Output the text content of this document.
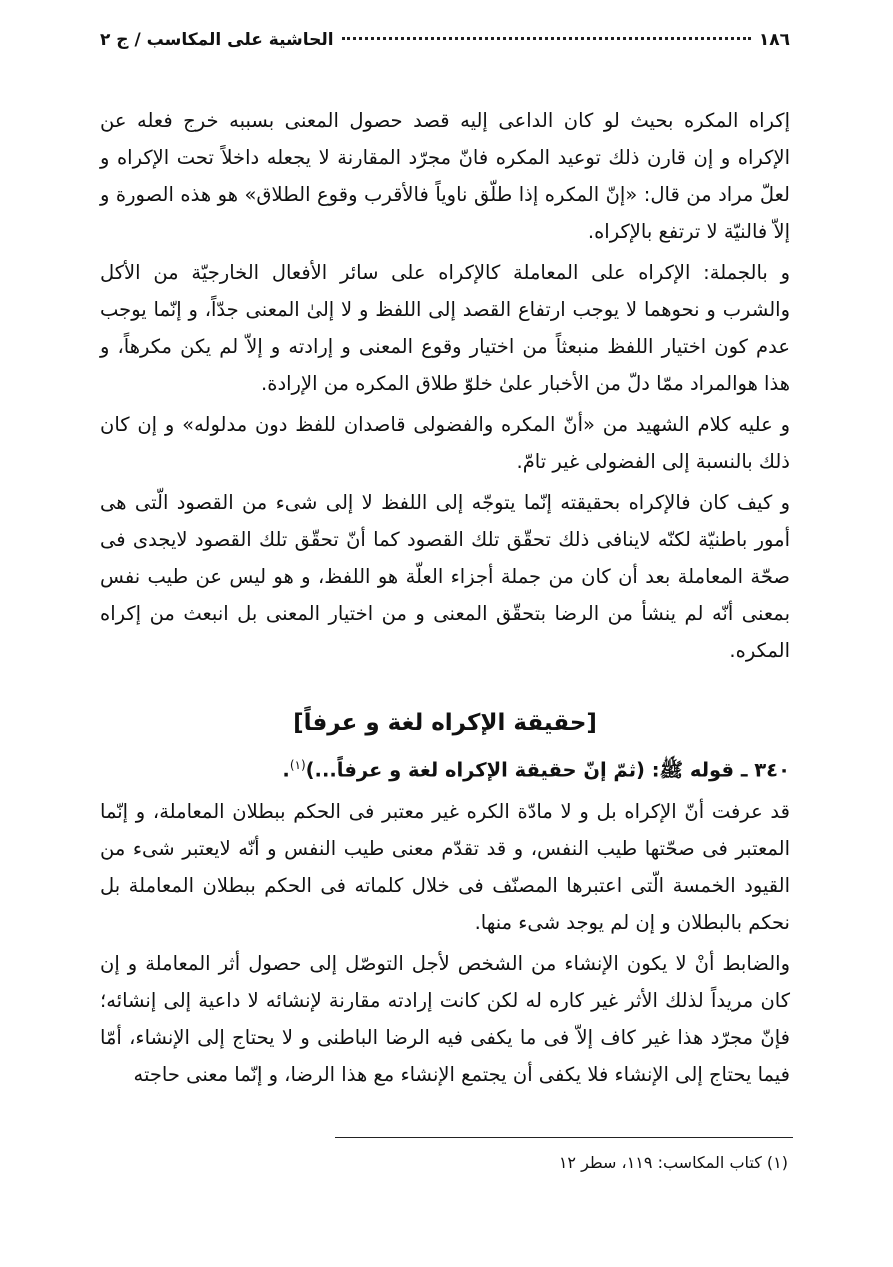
١٨٦
الحاشية على المكاسب / ج ٢

إكراه المكره بحيث لو كان الداعى إليه قصد حصول المعنى بسببه خرج فعله عن الإكراه و إن قارن ذلك توعيد المكره فانّ مجرّد المقارنة لا يجعله داخلاً تحت الإكراه و لعلّ مراد من قال: «إنّ المكره إذا طلّق ناوياً فالأقرب وقوع الطلاق» هو هذه الصورة و إلاّ فالنيّة لا ترتفع بالإكراه.

و بالجملة: الإكراه على المعاملة كالإكراه على سائر الأفعال الخارجيّة من الأكل والشرب و نحوهما لا يوجب ارتفاع القصد إلى اللفظ و لا إلىٰ المعنى جدّاً، و إنّما يوجب عدم كون اختيار اللفظ منبعثاً من اختيار وقوع المعنى و إرادته و إلاّ لم يكن مكرهاً، و هذا هوالمراد ممّا دلّ من الأخبار علىٰ خلوّ طلاق المكره من الإرادة.

و عليه كلام الشهيد من «أنّ المكره والفضولى قاصدان للفظ دون مدلوله» و إن كان ذلك بالنسبة إلى الفضولى غير تامّ.

و كيف كان فالإكراه بحقيقته إنّما يتوجّه إلى اللفظ لا إلى شىء من القصود الّتى هى أمور باطنيّة لكنّه لاينافى ذلك تحقّق تلك القصود كما أنّ تحقّق تلك القصود لايجدى فى صحّة المعاملة بعد أن كان من جملة أجزاء العلّة هو اللفظ، و هو ليس عن طيب نفس بمعنى أنّه لم ينشأ من الرضا بتحقّق المعنى و من اختيار المعنى بل انبعث من إكراه المكره.

[حقيقة الإكراه لغة و عرفاً]

٣٤٠ ـ قوله ﷺ: (ثمّ إنّ حقيقة الإكراه لغة و عرفاً...)$^{(١)}$.

قد عرفت أنّ الإكراه بل و لا مادّة الكره غير معتبر فى الحكم ببطلان المعاملة، و إنّما المعتبر فى صحّتها طيب النفس، و قد تقدّم معنى طيب النفس و أنّه لايعتبر شىء من القيود الخمسة الّتى اعتبرها المصنّف فى خلال كلماته فى الحكم ببطلان المعاملة بل نحكم بالبطلان و إن لم يوجد شىء منها.

والضابط أنْ لا يكون الإنشاء من الشخص لأجل التوصّل إلى حصول أثر المعاملة و إن كان مريداً لذلك الأثر غير كاره له لكن كانت إرادته مقارنة لإنشائه لا داعية إلى إنشائه؛ فإنّ مجرّد هذا غير كاف إلاّ فى ما يكفى فيه الرضا الباطنى و لا يحتاج إلى الإنشاء، أمّا فيما يحتاج إلى الإنشاء فلا يكفى أن يجتمع الإنشاء مع هذا الرضا، و إنّما معنى حاجته

(١) كتاب المكاسب: ١١٩، سطر ١٢
